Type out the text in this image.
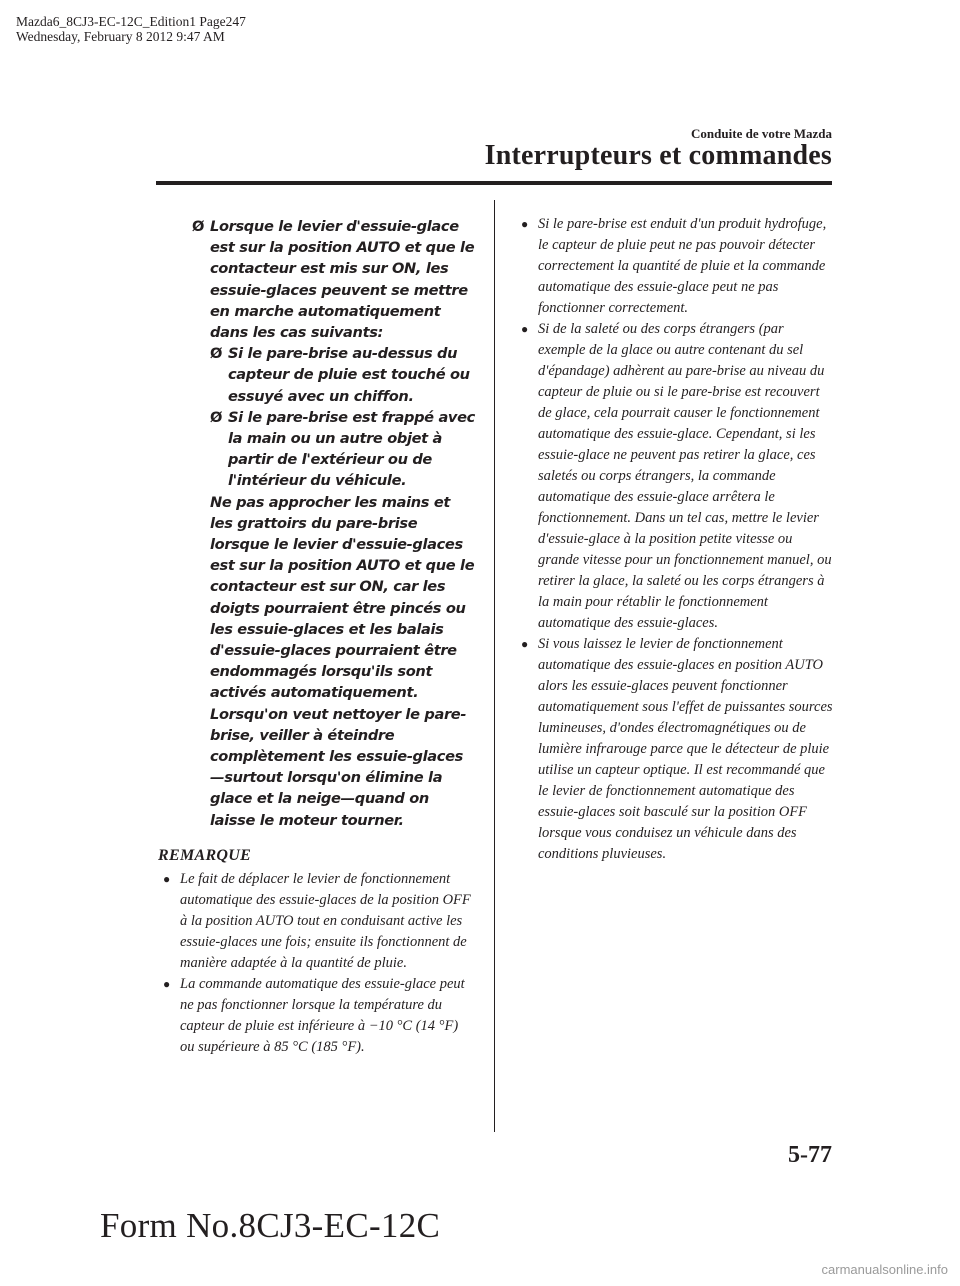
Mazda6_8CJ3-EC-12C_Edition1 Page247
Wednesday, February 8 2012 9:47 AM
Conduite de votre Mazda
Interrupteurs et commandes
Ø Lorsque le levier d'essuie-glace est sur la position AUTO et que le contacteur est mis sur ON, les essuie-glaces peuvent se mettre en marche automatiquement dans les cas suivants:
Ø Si le pare-brise au-dessus du capteur de pluie est touché ou essuyé avec un chiffon.
Ø Si le pare-brise est frappé avec la main ou un autre objet à partir de l'extérieur ou de l'intérieur du véhicule.
Ne pas approcher les mains et les grattoirs du pare-brise lorsque le levier d'essuie-glaces est sur la position AUTO et que le contacteur est sur ON, car les doigts pourraient être pincés ou les essuie-glaces et les balais d'essuie-glaces pourraient être endommagés lorsqu'ils sont activés automatiquement.
Lorsqu'on veut nettoyer le pare-brise, veiller à éteindre complètement les essuie-glaces—surtout lorsqu'on élimine la glace et la neige—quand on laisse le moteur tourner.
REMARQUE
● Le fait de déplacer le levier de fonctionnement automatique des essuie-glaces de la position OFF à la position AUTO tout en conduisant active les essuie-glaces une fois; ensuite ils fonctionnent de manière adaptée à la quantité de pluie.
● La commande automatique des essuie-glace peut ne pas fonctionner lorsque la température du capteur de pluie est inférieure à −10 °C (14 °F) ou supérieure à 85 °C (185 °F).
● Si le pare-brise est enduit d'un produit hydrofuge, le capteur de pluie peut ne pas pouvoir détecter correctement la quantité de pluie et la commande automatique des essuie-glace peut ne pas fonctionner correctement.
● Si de la saleté ou des corps étrangers (par exemple de la glace ou autre contenant du sel d'épandage) adhèrent au pare-brise au niveau du capteur de pluie ou si le pare-brise est recouvert de glace, cela pourrait causer le fonctionnement automatique des essuie-glace. Cependant, si les essuie-glace ne peuvent pas retirer la glace, ces saletés ou corps étrangers, la commande automatique des essuie-glace arrêtera le fonctionnement. Dans un tel cas, mettre le levier d'essuie-glace à la position petite vitesse ou grande vitesse pour un fonctionnement manuel, ou retirer la glace, la saleté ou les corps étrangers à la main pour rétablir le fonctionnement automatique des essuie-glaces.
● Si vous laissez le levier de fonctionnement automatique des essuie-glaces en position AUTO alors les essuie-glaces peuvent fonctionner automatiquement sous l'effet de puissantes sources lumineuses, d'ondes électromagnétiques ou de lumière infrarouge parce que le détecteur de pluie utilise un capteur optique. Il est recommandé que le levier de fonctionnement automatique des essuie-glaces soit basculé sur la position OFF lorsque vous conduisez un véhicule dans des conditions pluvieuses.
5-77
Form No.8CJ3-EC-12C
carmanualsonline.info
